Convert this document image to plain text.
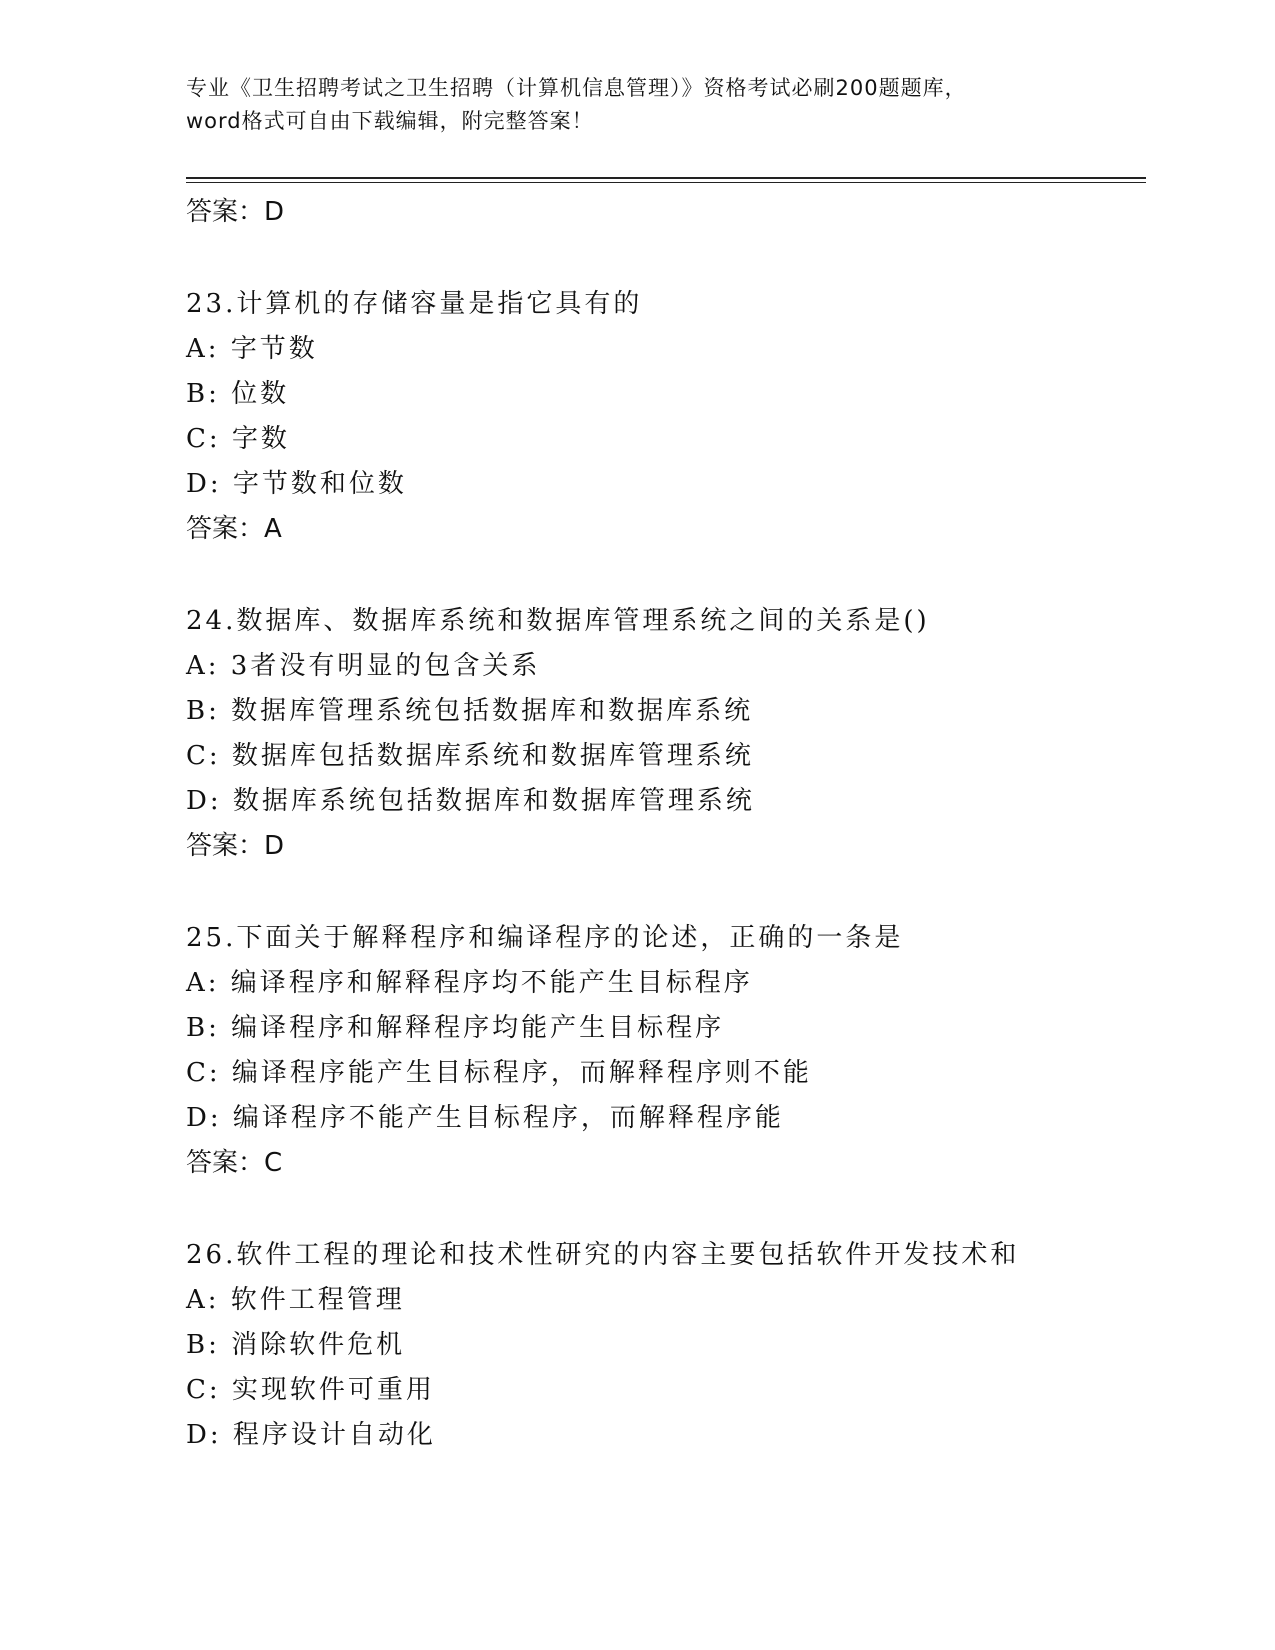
专业《卫生招聘考试之卫生招聘（计算机信息管理）》资格考试必刷200题题库，
word格式可自由下载编辑，附完整答案！
答案：D
23.计算机的存储容量是指它具有的
A: 字节数
B: 位数
C: 字数
D: 字节数和位数
答案：A
24.数据库、数据库系统和数据库管理系统之间的关系是()
A: 3者没有明显的包含关系
B: 数据库管理系统包括数据库和数据库系统
C: 数据库包括数据库系统和数据库管理系统
D: 数据库系统包括数据库和数据库管理系统
答案：D
25.下面关于解释程序和编译程序的论述，正确的一条是
A: 编译程序和解释程序均不能产生目标程序
B: 编译程序和解释程序均能产生目标程序
C: 编译程序能产生目标程序，而解释程序则不能
D: 编译程序不能产生目标程序，而解释程序能
答案：C
26.软件工程的理论和技术性研究的内容主要包括软件开发技术和
A: 软件工程管理
B: 消除软件危机
C: 实现软件可重用
D: 程序设计自动化
